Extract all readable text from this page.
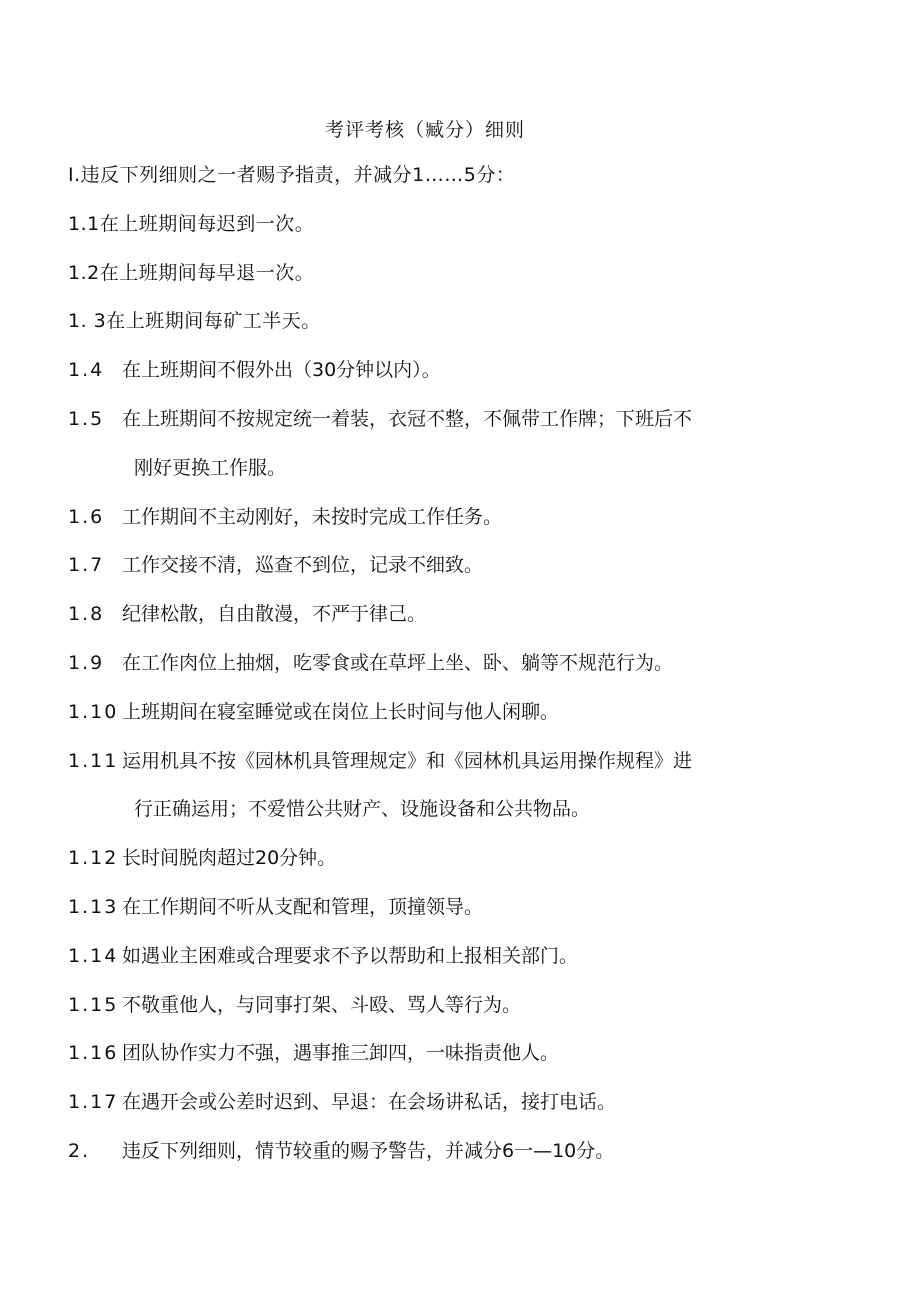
考评考核（臧分）细则
I.违反下列细则之一者赐予指责，并减分1……5分：
1.1在上班期间每迟到一次。
1.2在上班期间每早退一次。
1. 3在上班期间每矿工半天。
1.4 在上班期间不假外出（30分钟以内）。
1.5 在上班期间不按规定统一着装，衣冠不整，不佩带工作牌；下班后不
刚好更换工作服。
1.6 工作期间不主动刚好，未按时完成工作任务。
1.7 工作交接不清，巡查不到位，记录不细致。
1.8 纪律松散，自由散漫，不严于律己。
1.9 在工作肉位上抽烟，吃零食或在草坪上坐、卧、躺等不规范行为。
1.10 上班期间在寝室睡觉或在岗位上长时间与他人闲聊。
1.11 运用机具不按《园林机具管理规定》和《园林机具运用操作规程》进
行正确运用；不爱惜公共财产、设施设备和公共物品。
1.12 长时间脱肉超过20分钟。
1.13 在工作期间不听从支配和管理，顶撞领导。
1.14 如遇业主困难或合理要求不予以帮助和上报相关部门。
1.15 不敬重他人，与同事打架、斗殴、骂人等行为。
1.16 团队协作实力不强，遇事推三卸四，一味指责他人。
1.17 在遇开会或公差时迟到、早退：在会场讲私话，接打电话。
2.	违反下列细则，情节较重的赐予警告，并减分6一—10分。
